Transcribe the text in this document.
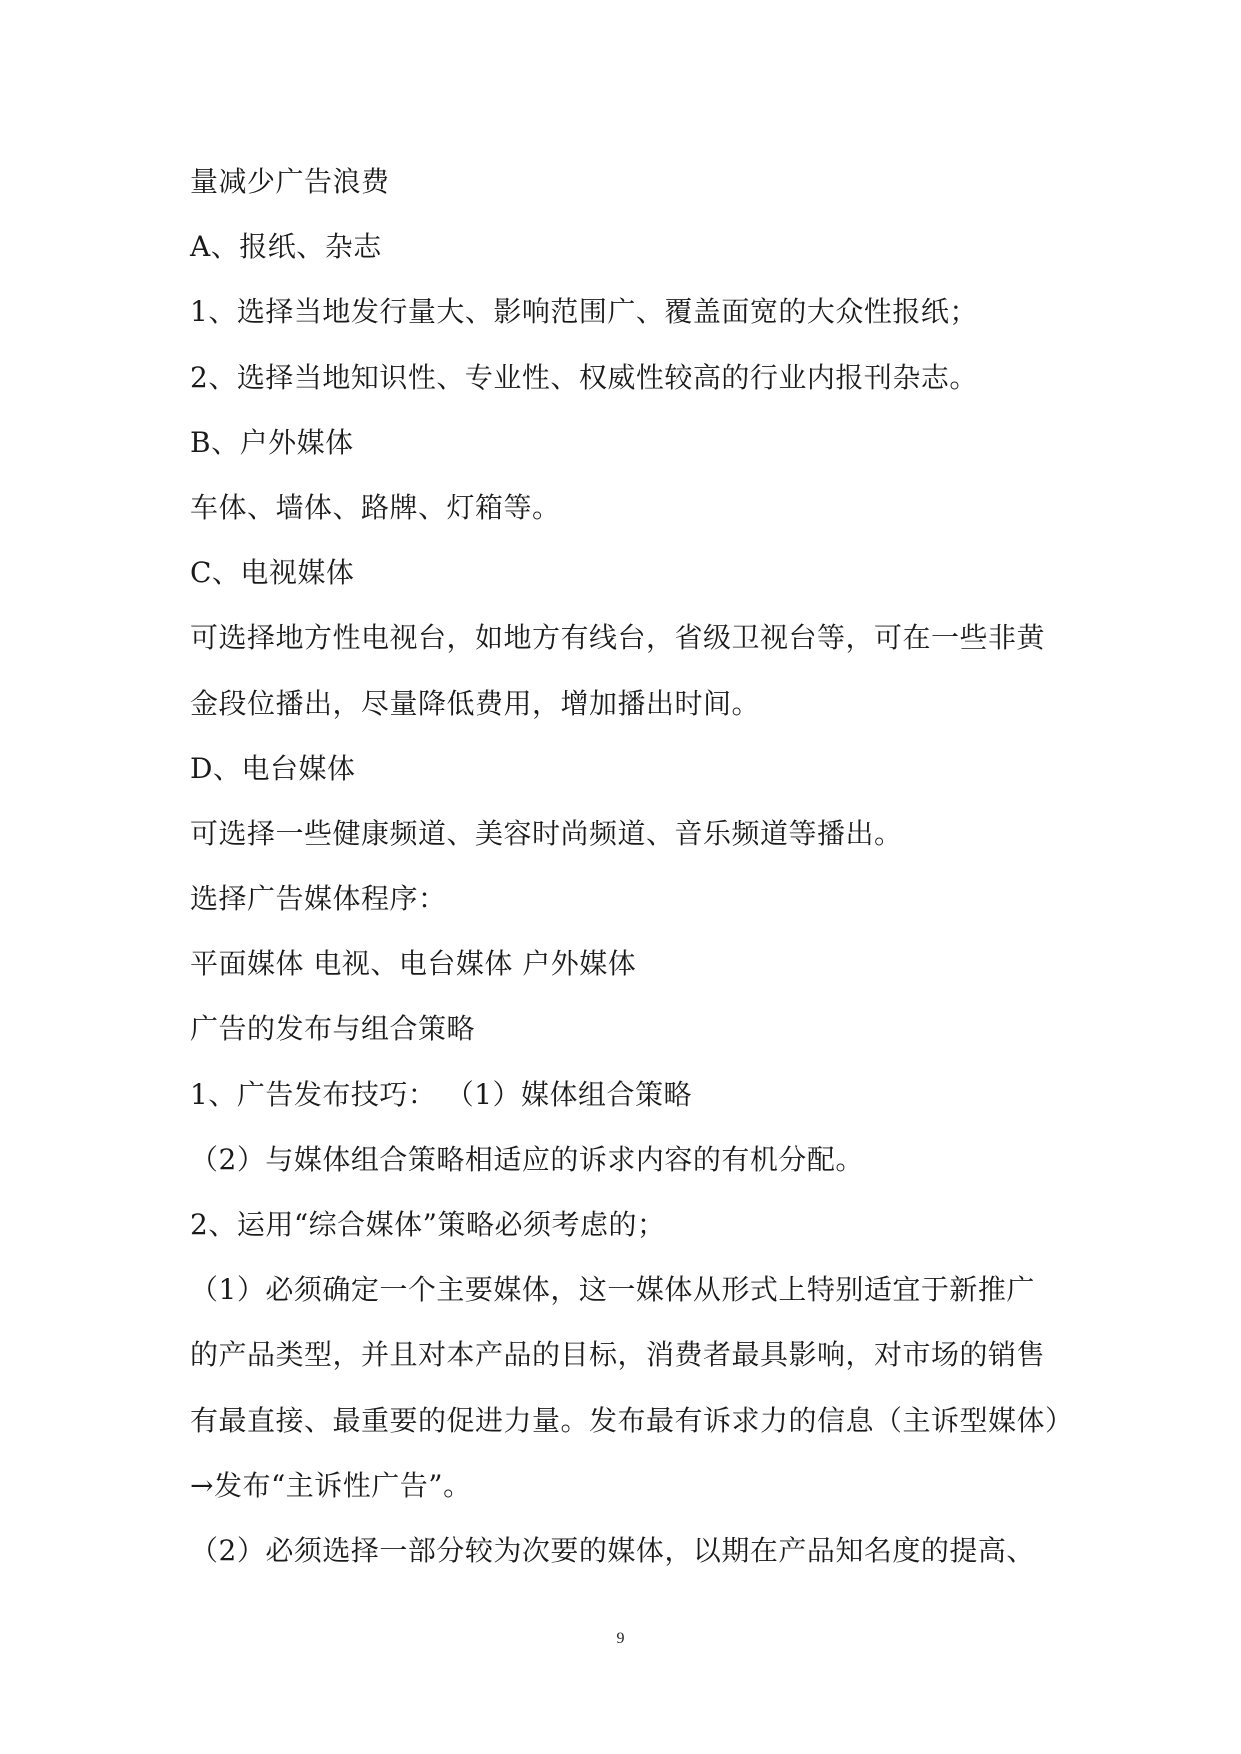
量减少广告浪费
A、报纸、杂志
1、选择当地发行量大、影响范围广、覆盖面宽的大众性报纸；
2、选择当地知识性、专业性、权威性较高的行业内报刊杂志。
B、户外媒体
车体、墙体、路牌、灯箱等。
C、电视媒体
可选择地方性电视台，如地方有线台，省级卫视台等，可在一些非黄
金段位播出，尽量降低费用，增加播出时间。
D、电台媒体
可选择一些健康频道、美容时尚频道、音乐频道等播出。
选择广告媒体程序：
平面媒体 电视、电台媒体 户外媒体
广告的发布与组合策略
1、广告发布技巧： （1）媒体组合策略
（2）与媒体组合策略相适应的诉求内容的有机分配。
2、运用“综合媒体”策略必须考虑的；
（1）必须确定一个主要媒体，这一媒体从形式上特别适宜于新推广
的产品类型，并且对本产品的目标，消费者最具影响，对市场的销售
有最直接、最重要的促进力量。发布最有诉求力的信息（主诉型媒体）
→发布“主诉性广告”。
（2）必须选择一部分较为次要的媒体，以期在产品知名度的提高、
9
